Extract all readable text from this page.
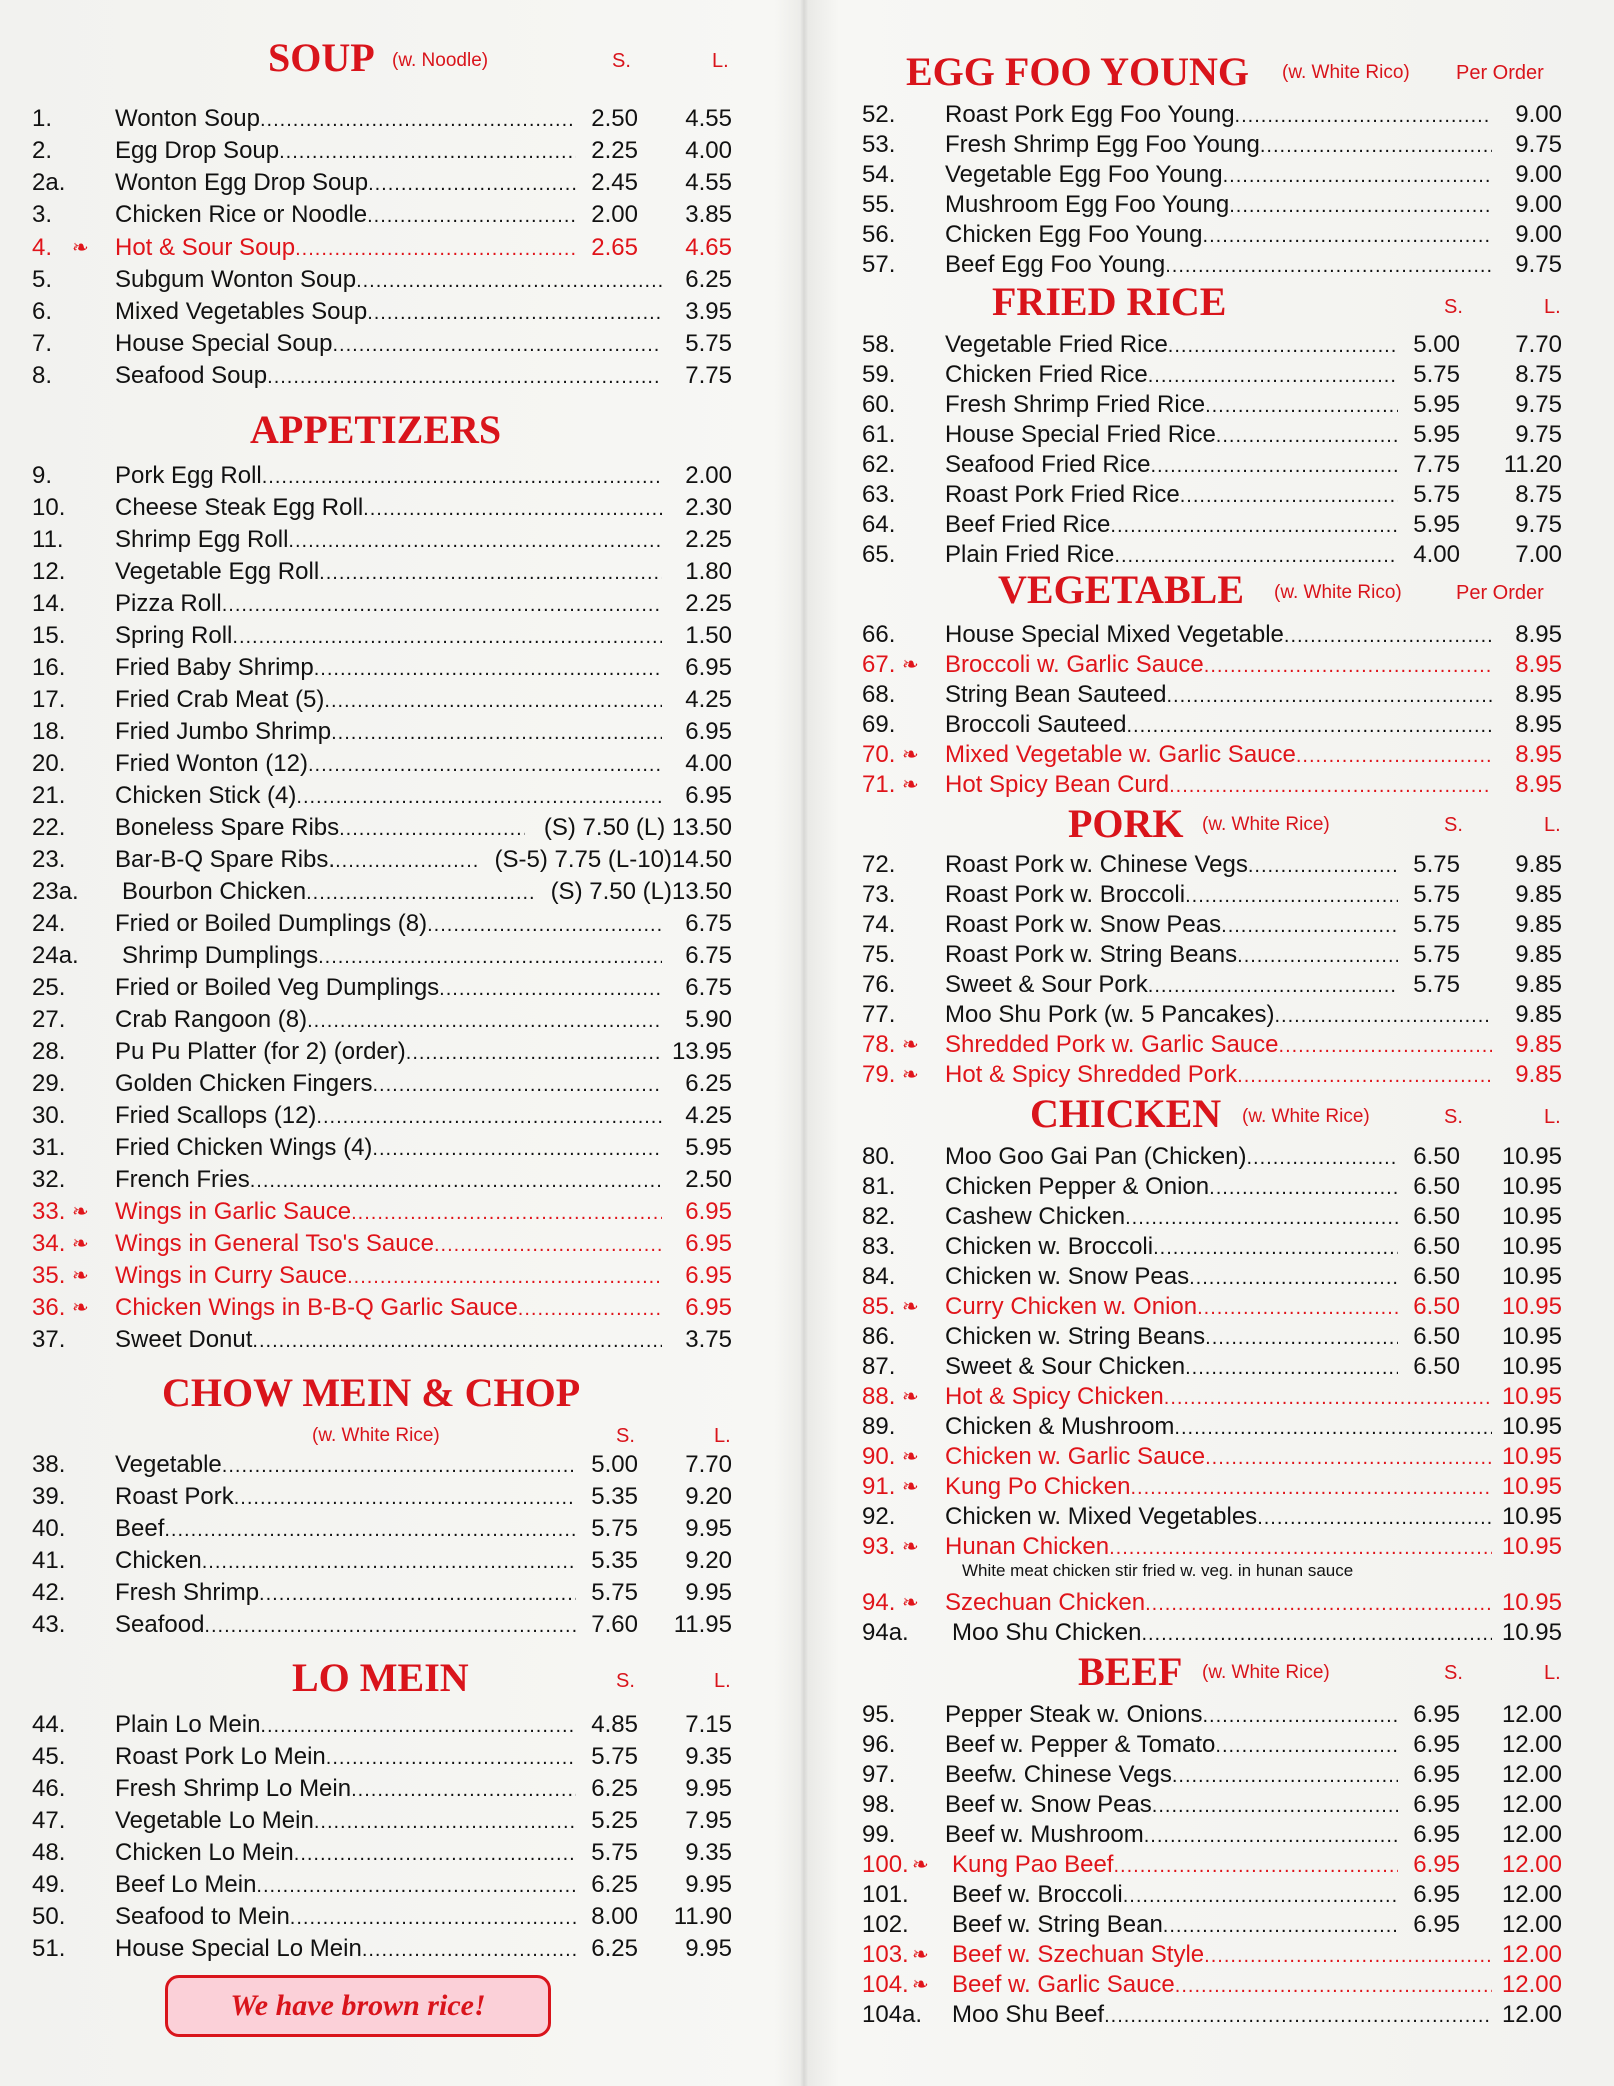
SOUP (w. Noodle)	S.	L.
1.	Wonton Soup .....	2.50 4.55
2.	Egg Drop Soup .....	2.25 4.00
2a.	Wonton Egg Drop Soup .....	2.45 4.55
3.	Chicken Rice or Noodle .....	2.00 3.85
4. ❧ Hot & Sour Soup .....	2.65 4.65
5.	Subgum Wonton Soup .....	6.25
6.	Mixed Vegetables Soup .....	3.95
7.	House Special Soup .....	5.75
8.	Seafood Soup .....	7.75
APPETIZERS
9.	Pork Egg Roll .....	2.00
10.	Cheese Steak Egg Roll .....	2.30
11.	Shrimp Egg Roll .....	2.25
12.	Vegetable Egg Roll .....	1.80
14.	Pizza Roll .....	2.25
15.	Spring Roll .....	1.50
16.	Fried Baby Shrimp .....	6.95
17.	Fried Crab Meat (5) .....	4.25
18.	Fried Jumbo Shrimp .....	6.95
20.	Fried Wonton (12) .....	4.00
21.	Chicken Stick (4) .....	6.95
22.	Boneless Spare Ribs .....	(S) 7.50 (L) 13.50
23.	Bar-B-Q Spare Ribs. .....	(S-5) 7.75 (L-10)14.50
23a.	Bourbon Chicken .....	(S) 7.50 (L)13.50
24.	Fried or Boiled Dumplings (8) .....	6.75
24a.	Shrimp Dumplings .....	6.75
25.	Fried or Boiled Veg Dumplings .....	6.75
27.	Crab Rangoon (8) .....	5.90
28.	Pu Pu Platter (for 2) (order) .....	13.95
29.	Golden Chicken Fingers .....	6.25
30.	Fried Scallops (12) .....	4.25
31.	Fried Chicken Wings (4) .....	5.95
32.	French Fries .....	2.50
33. ❧ Wings in Garlic Sauce .....	6.95
34. ❧ Wings in General Tso's Sauce .....	6.95
35. ❧ Wings in Curry Sauce .....	6.95
36. ❧ Chicken Wings in B-B-Q Garlic Sauce .....	6.95
37.	Sweet Donut .....	3.75
CHOW MEIN & CHOP
(w. White Rice)	S.	L.
38.	Vegetable .....	5.00 7.70
39.	Roast Pork .....	5.35 9.20
40.	Beef .....	5.75 9.95
41.	Chicken .....	5.35 9.20
42.	Fresh Shrimp .....	5.75 9.95
43.	Seafood .....	7.60 11.95
LO MEIN	S.	L.
44.	Plain Lo Mein .....	4.85 7.15
45.	Roast Pork Lo Mein .....	5.75 9.35
46.	Fresh Shrimp Lo Mein .....	6.25 9.95
47.	Vegetable Lo Mein .....	5.25 7.95
48.	Chicken Lo Mein .....	5.75 9.35
49.	Beef Lo Mein .....	6.25 9.95
50.	Seafood to Mein .....	8.00 11.90
51.	House Special Lo Mein .....	6.25 9.95
EGG FOO YOUNG (w. White Rico) Per Order
52.	Roast Pork Egg Foo Young .....	9.00
53.	Fresh Shrimp Egg Foo Young .....	9.75
54.	Vegetable Egg Foo Young .....	9.00
55.	Mushroom Egg Foo Young .....	9.00
56.	Chicken Egg Foo Young .....	9.00
57.	Beef Egg Foo Young .....	9.75
FRIED RICE	S.	L.
58.	Vegetable Fried Rice .....	5.00 7.70
59.	Chicken Fried Rice .....	5.75 8.75
60.	Fresh Shrimp Fried Rice .....	5.95 9.75
61.	House Special Fried Rice .....	5.95 9.75
62.	Seafood Fried Rice .....	7.75 11.20
63.	Roast Pork Fried Rice .....	5.75 8.75
64.	Beef Fried Rice .....	5.95 9.75
65.	Plain Fried Rice .....	4.00 7.00
VEGETABLE (w. White Rico)	Per Order
66.	House Special Mixed Vegetable .....	8.95
67. ❧ Broccoli w. Garlic Sauce .....	8.95
68.	String Bean Sauteed .....	8.95
69.	Broccoli Sauteed .....	8.95
70. ❧ Mixed Vegetable w. Garlic Sauce .....	8.95
71. ❧ Hot Spicy Bean Curd .....	8.95
PORK (w. White Rice)	S.	L.
72.	Roast Pork w. Chinese Vegs .....	5.75 9.85
73.	Roast Pork w. Broccoli .....	5.75 9.85
74.	Roast Pork w. Snow Peas .....	5.75 9.85
75.	Roast Pork w. String Beans .....	5.75 9.85
76.	Sweet & Sour Pork .....	5.75 9.85
77.	Moo Shu Pork (w. 5 Pancakes) .....	9.85
78. ❧ Shredded Pork w. Garlic Sauce .....	9.85
79. ❧ Hot & Spicy Shredded Pork .....	9.85
CHICKEN (w. White Rice)	S.	L.
80.	Moo Goo Gai Pan (Chicken) .....	6.50 10.95
81.	Chicken Pepper & Onion .....	6.50 10.95
82.	Cashew Chicken .....	6.50 10.95
83.	Chicken w. Broccoli .....	6.50 10.95
84.	Chicken w. Snow Peas .....	6.50 10.95
85. ❧ Curry Chicken w. Onion .....	6.50 10.95
86.	Chicken w. String Beans .....	6.50 10.95
87.	Sweet & Sour Chicken .....	6.50 10.95
88. ❧ Hot & Spicy Chicken .....	10.95
89.	Chicken & Mushroom .....	10.95
90. ❧ Chicken w. Garlic Sauce .....	10.95
91. ❧ Kung Po Chicken .....	10.95
92.	Chicken w. Mixed Vegetables .....	10.95
93. ❧ Hunan Chicken .....	10.95
White meat chicken stir fried w. veg. in hunan sauce
94. ❧ Szechuan Chicken .....	10.95
94a.	Moo Shu Chicken .....	10.95
BEEF (w. White Rice)	S.	L.
95.	Pepper Steak w. Onions .....	6.95 12.00
96.	Beef w. Pepper & Tomato .....	6.95 12.00
97.	Beefw. Chinese Vegs .....	6.95 12.00
98.	Beef w. Snow Peas .....	6.95 12.00
99.	Beef w. Mushroom .....	6.95 12.00
100. ❧ Kung Pao Beef .....	6.95 12.00
101.	Beef w. Broccoli .....	6.95 12.00
102.	Beef w. String Bean .....	6.95 12.00
103. ❧ Beef w. Szechuan Style .....	12.00
104. ❧ Beef w. Garlic Sauce .....	12.00
104a. Moo Shu Beef .....	12.00
We have brown rice!
